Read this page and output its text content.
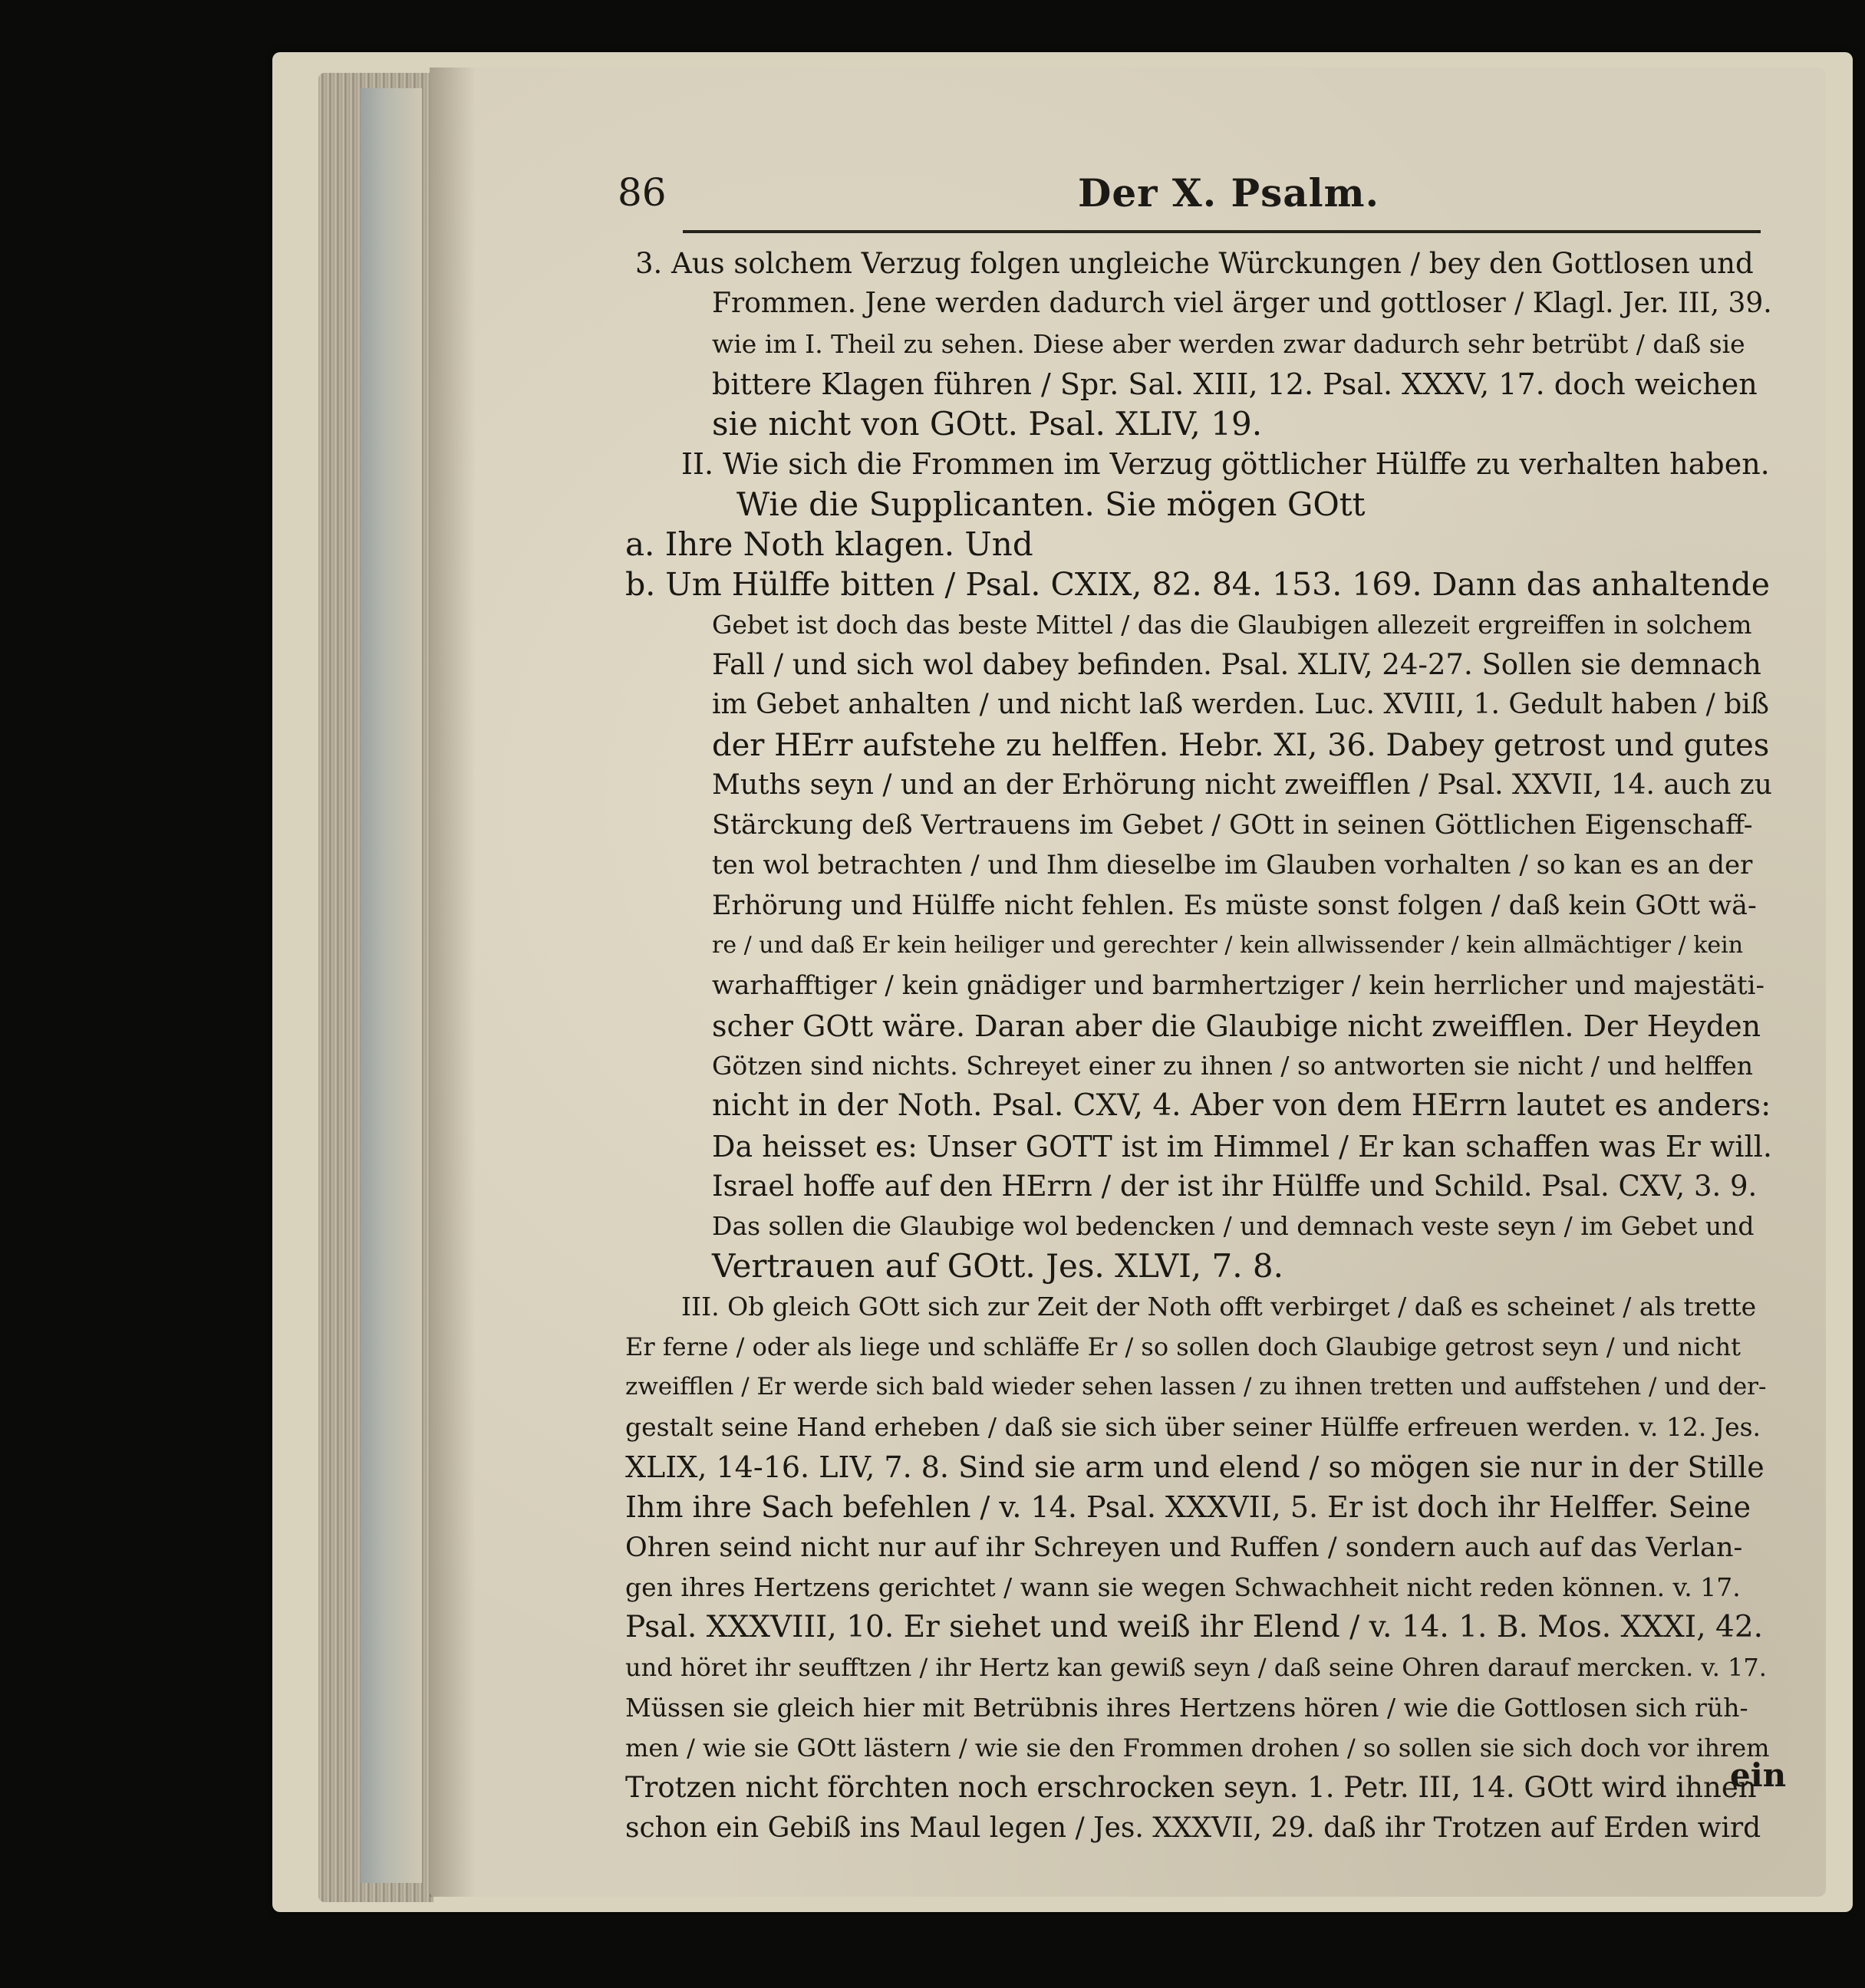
86	Der X. Psalm.
3. Aus solchem Verzug folgen ungleiche Würckungen / bey den Gottlosen und
Frommen. Jene werden dadurch viel ärger und gottloser / Klagl. Jer. III, 39.
wie im I. Theil zu sehen. Diese aber werden zwar dadurch sehr betrübt / daß sie
bittere Klagen führen / Spr. Sal. XIII, 12. Psal. XXXV, 17. doch weichen
sie nicht von GOtt. Psal. XLIV, 19.
II. Wie sich die Frommen im Verzug göttlicher Hülffe zu verhalten haben.
Wie die Supplicanten. Sie mögen GOtt
a. Ihre Noth klagen. Und
b. Um Hülffe bitten / Psal. CXIX, 82. 84. 153. 169. Dann das anhaltende
Gebet ist doch das beste Mittel / das die Glaubigen allezeit ergreiffen in solchem
Fall / und sich wol dabey befinden. Psal. XLIV, 24-27. Sollen sie demnach
im Gebet anhalten / und nicht laß werden. Luc. XVIII, 1. Gedult haben / biß
der HErr aufstehe zu helffen. Hebr. XI, 36. Dabey getrost und gutes
Muths seyn / und an der Erhörung nicht zweifflen / Psal. XXVII, 14. auch zu
Stärckung deß Vertrauens im Gebet / GOtt in seinen Göttlichen Eigenschaff-
ten wol betrachten / und Ihm dieselbe im Glauben vorhalten / so kan es an der
Erhörung und Hülffe nicht fehlen. Es müste sonst folgen / daß kein GOtt wä-
re / und daß Er kein heiliger und gerechter / kein allwissender / kein allmächtiger / kein
warhafftiger / kein gnädiger und barmhertziger / kein herrlicher und majestäti-
scher GOtt wäre. Daran aber die Glaubige nicht zweifflen. Der Heyden
Götzen sind nichts. Schreyet einer zu ihnen / so antworten sie nicht / und helffen
nicht in der Noth. Psal. CXV, 4. Aber von dem HErrn lautet es anders:
Da heisset es: Unser GOTT ist im Himmel / Er kan schaffen was Er will.
Israel hoffe auf den HErrn / der ist ihr Hülffe und Schild. Psal. CXV, 3. 9.
Das sollen die Glaubige wol bedencken / und demnach veste seyn / im Gebet und
Vertrauen auf GOtt. Jes. XLVI, 7. 8.
III. Ob gleich GOtt sich zur Zeit der Noth offt verbirget / daß es scheinet / als trette
Er ferne / oder als liege und schläffe Er / so sollen doch Glaubige getrost seyn / und nicht
zweifflen / Er werde sich bald wieder sehen lassen / zu ihnen tretten und auffstehen / und der-
gestalt seine Hand erheben / daß sie sich über seiner Hülffe erfreuen werden. v. 12. Jes.
XLIX, 14-16. LIV, 7. 8. Sind sie arm und elend / so mögen sie nur in der Stille
Ihm ihre Sach befehlen / v. 14. Psal. XXXVII, 5. Er ist doch ihr Helffer. Seine
Ohren seind nicht nur auf ihr Schreyen und Ruffen / sondern auch auf das Verlan-
gen ihres Hertzens gerichtet / wann sie wegen Schwachheit nicht reden können. v. 17.
Psal. XXXVIII, 10. Er siehet und weiß ihr Elend / v. 14. 1. B. Mos. XXXI, 42.
und höret ihr seufftzen / ihr Hertz kan gewiß seyn / daß seine Ohren darauf mercken. v. 17.
Müssen sie gleich hier mit Betrübnis ihres Hertzens hören / wie die Gottlosen sich rüh-
men / wie sie GOtt lästern / wie sie den Frommen drohen / so sollen sie sich doch vor ihrem
Trotzen nicht förchten noch erschrocken seyn. 1. Petr. III, 14. GOtt wird ihnen
schon ein Gebiß ins Maul legen / Jes. XXXVII, 29. daß ihr Trotzen auf Erden wird
ein
